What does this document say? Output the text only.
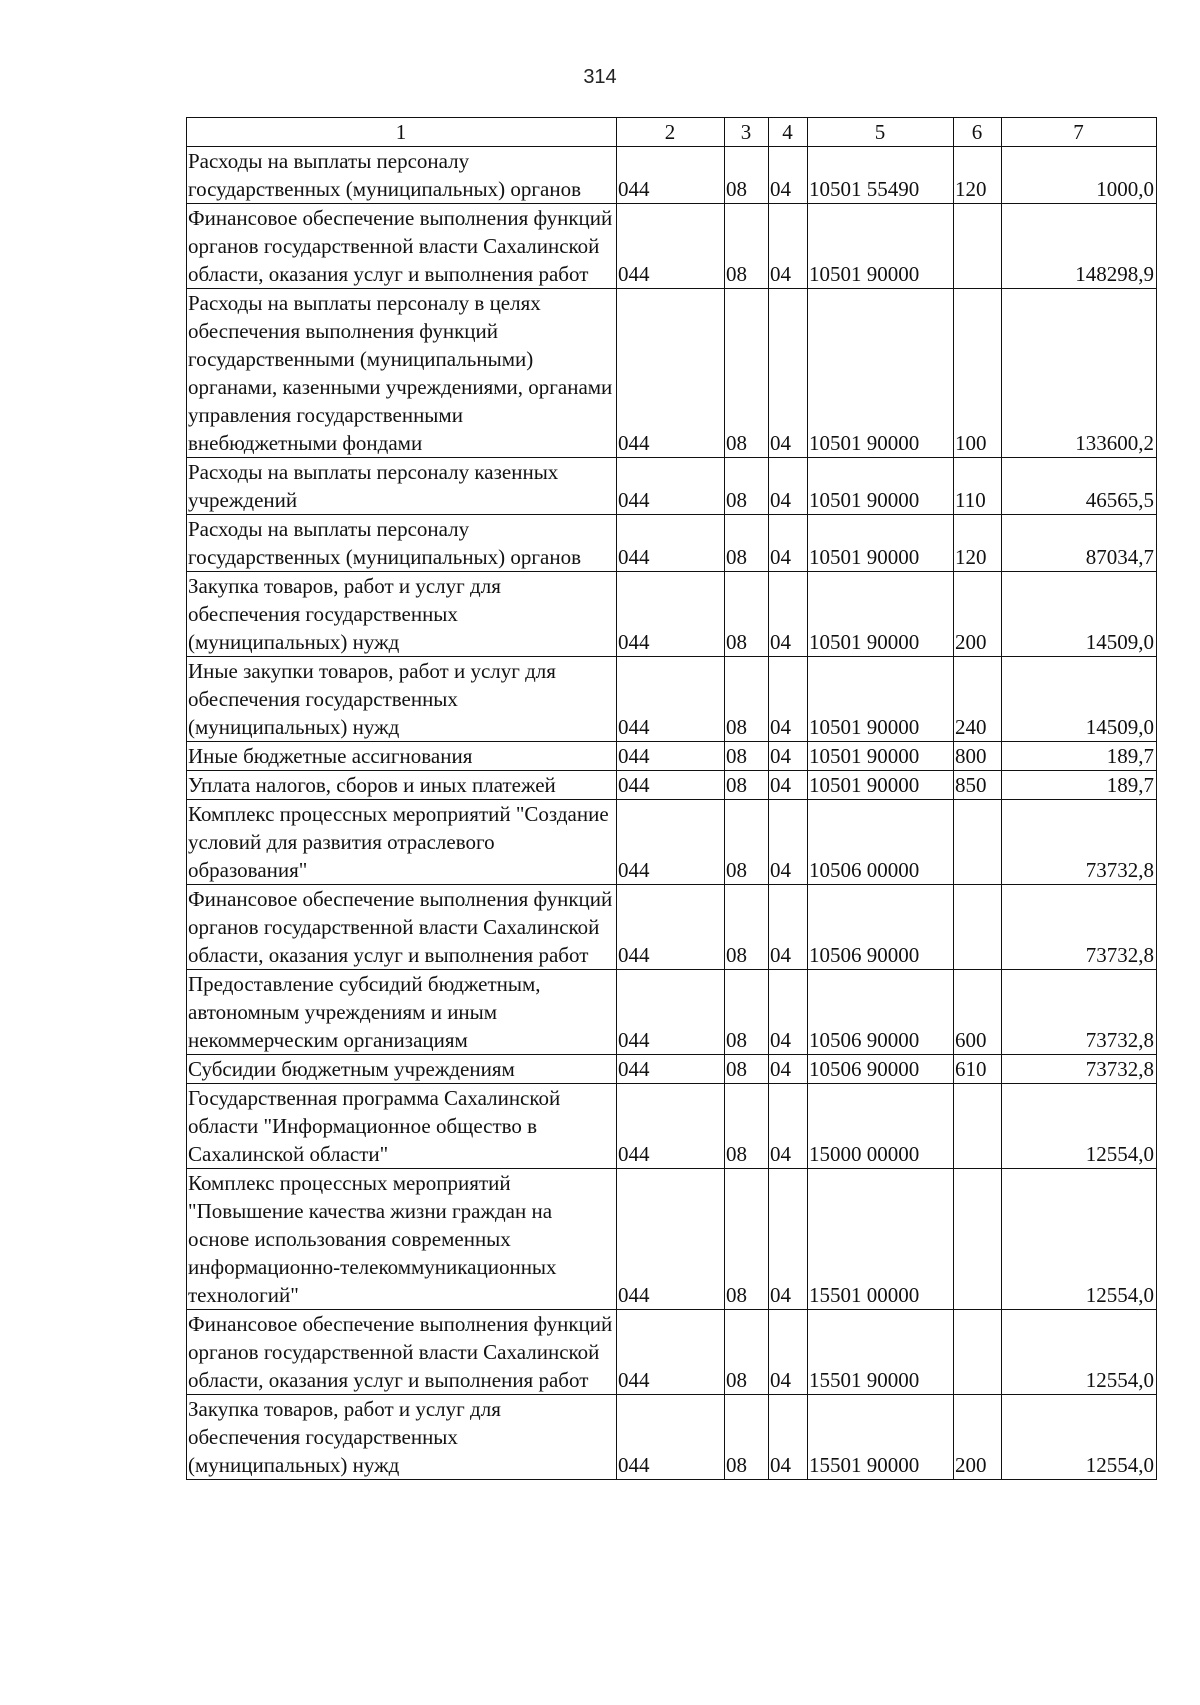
314
1	2	3	4	5	6	7
Расходы на выплаты персоналу государственных (муниципальных) органов	044	08	04	10501 55490	120	1000,0
Финансовое обеспечение выполнения функций органов государственной власти Сахалинской области, оказания услуг и выполнения работ	044	08	04	10501 90000		148298,9
Расходы на выплаты персоналу в целях обеспечения выполнения функций государственными (муниципальными) органами, казенными учреждениями, органами управления государственными внебюджетными фондами	044	08	04	10501 90000	100	133600,2
Расходы на выплаты персоналу казенных учреждений	044	08	04	10501 90000	110	46565,5
Расходы на выплаты персоналу государственных (муниципальных) органов	044	08	04	10501 90000	120	87034,7
Закупка товаров, работ и услуг для обеспечения государственных (муниципальных) нужд	044	08	04	10501 90000	200	14509,0
Иные закупки товаров, работ и услуг для обеспечения государственных (муниципальных) нужд	044	08	04	10501 90000	240	14509,0
Иные бюджетные ассигнования	044	08	04	10501 90000	800	189,7
Уплата налогов, сборов и иных платежей	044	08	04	10501 90000	850	189,7
Комплекс процессных мероприятий "Создание условий для развития отраслевого образования"	044	08	04	10506 00000		73732,8
Финансовое обеспечение выполнения функций органов государственной власти Сахалинской области, оказания услуг и выполнения работ	044	08	04	10506 90000		73732,8
Предоставление субсидий бюджетным, автономным учреждениям и иным некоммерческим организациям	044	08	04	10506 90000	600	73732,8
Субсидии бюджетным учреждениям	044	08	04	10506 90000	610	73732,8
Государственная программа Сахалинской области "Информационное общество в Сахалинской области"	044	08	04	15000 00000		12554,0
Комплекс процессных мероприятий "Повышение качества жизни граждан на основе использования современных информационно-телекоммуникационных технологий"	044	08	04	15501 00000		12554,0
Финансовое обеспечение выполнения функций органов государственной власти Сахалинской области, оказания услуг и выполнения работ	044	08	04	15501 90000		12554,0
Закупка товаров, работ и услуг для обеспечения государственных (муниципальных) нужд	044	08	04	15501 90000	200	12554,0
